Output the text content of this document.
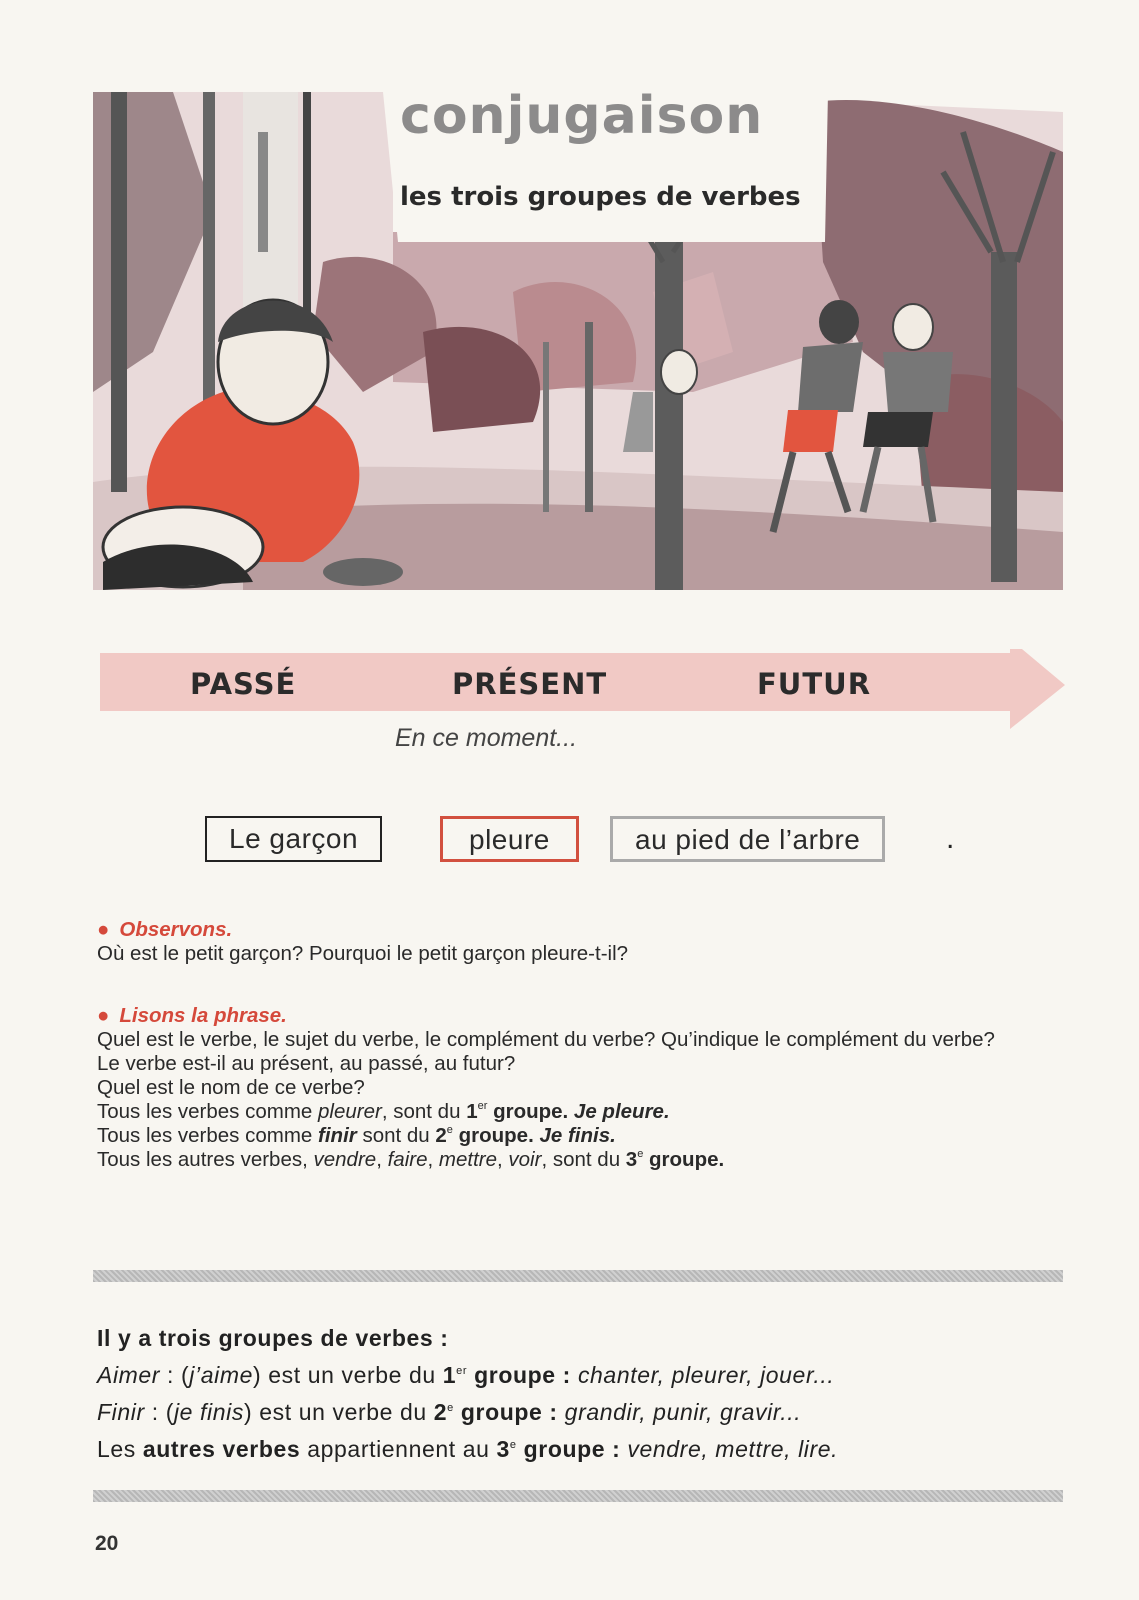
conjugaison
les trois groupes de verbes
PASSÉ	PRÉSENT	FUTUR
En ce moment...
Le garçon	pleure	au pied de l’arbre	.
● Observons.
Où est le petit garçon? Pourquoi le petit garçon pleure-t-il?
● Lisons la phrase.
Quel est le verbe, le sujet du verbe, le complément du verbe? Qu’indique le complément du verbe?
Le verbe est-il au présent, au passé, au futur?
Quel est le nom de ce verbe?
Tous les verbes comme pleurer, sont du 1er groupe. Je pleure.
Tous les verbes comme finir sont du 2e groupe. Je finis.
Tous les autres verbes, vendre, faire, mettre, voir, sont du 3e groupe.
Il y a trois groupes de verbes :
Aimer : (j’aime) est un verbe du 1er groupe : chanter, pleurer, jouer...
Finir : (je finis) est un verbe du 2e groupe : grandir, punir, gravir...
Les autres verbes appartiennent au 3e groupe : vendre, mettre, lire.
20
